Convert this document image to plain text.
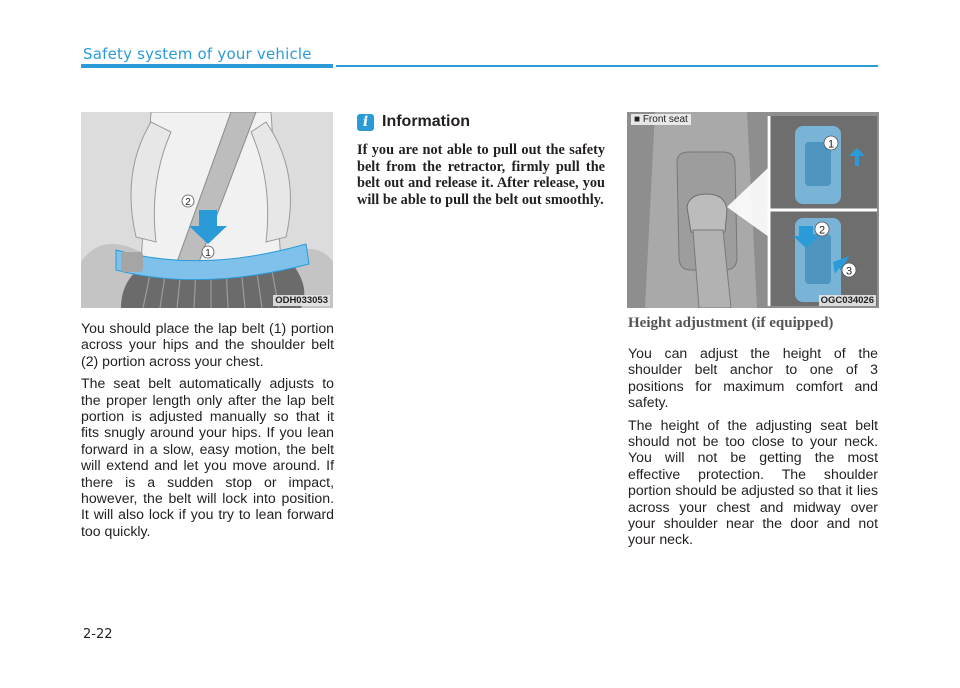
Safety system of your vehicle
2
1
ODH033053

You should place the lap belt (1) portion across your hips and the shoulder belt (2) portion across your chest.

The seat belt automatically adjusts to the proper length only after the lap belt portion is adjusted manually so that it fits snugly around your hips. If you lean forward in a slow, easy motion, the belt will extend and let you move around. If there is a sudden stop or impact, however, the belt will lock into position. It will also lock if you try to lean forward too quickly.

i Information
If you are not able to pull out the safety belt from the retractor, firmly pull the belt out and release it. After release, you will be able to pull the belt out smoothly.
1
2
3
■ Front seat
OGC034026
Height adjustment (if equipped)

You can adjust the height of the shoulder belt anchor to one of 3 positions for maximum comfort and safety.

The height of the adjusting seat belt should not be too close to your neck. You will not be getting the most effective protection. The shoulder portion should be adjusted so that it lies across your chest and midway over your shoulder near the door and not your neck.

2-22
